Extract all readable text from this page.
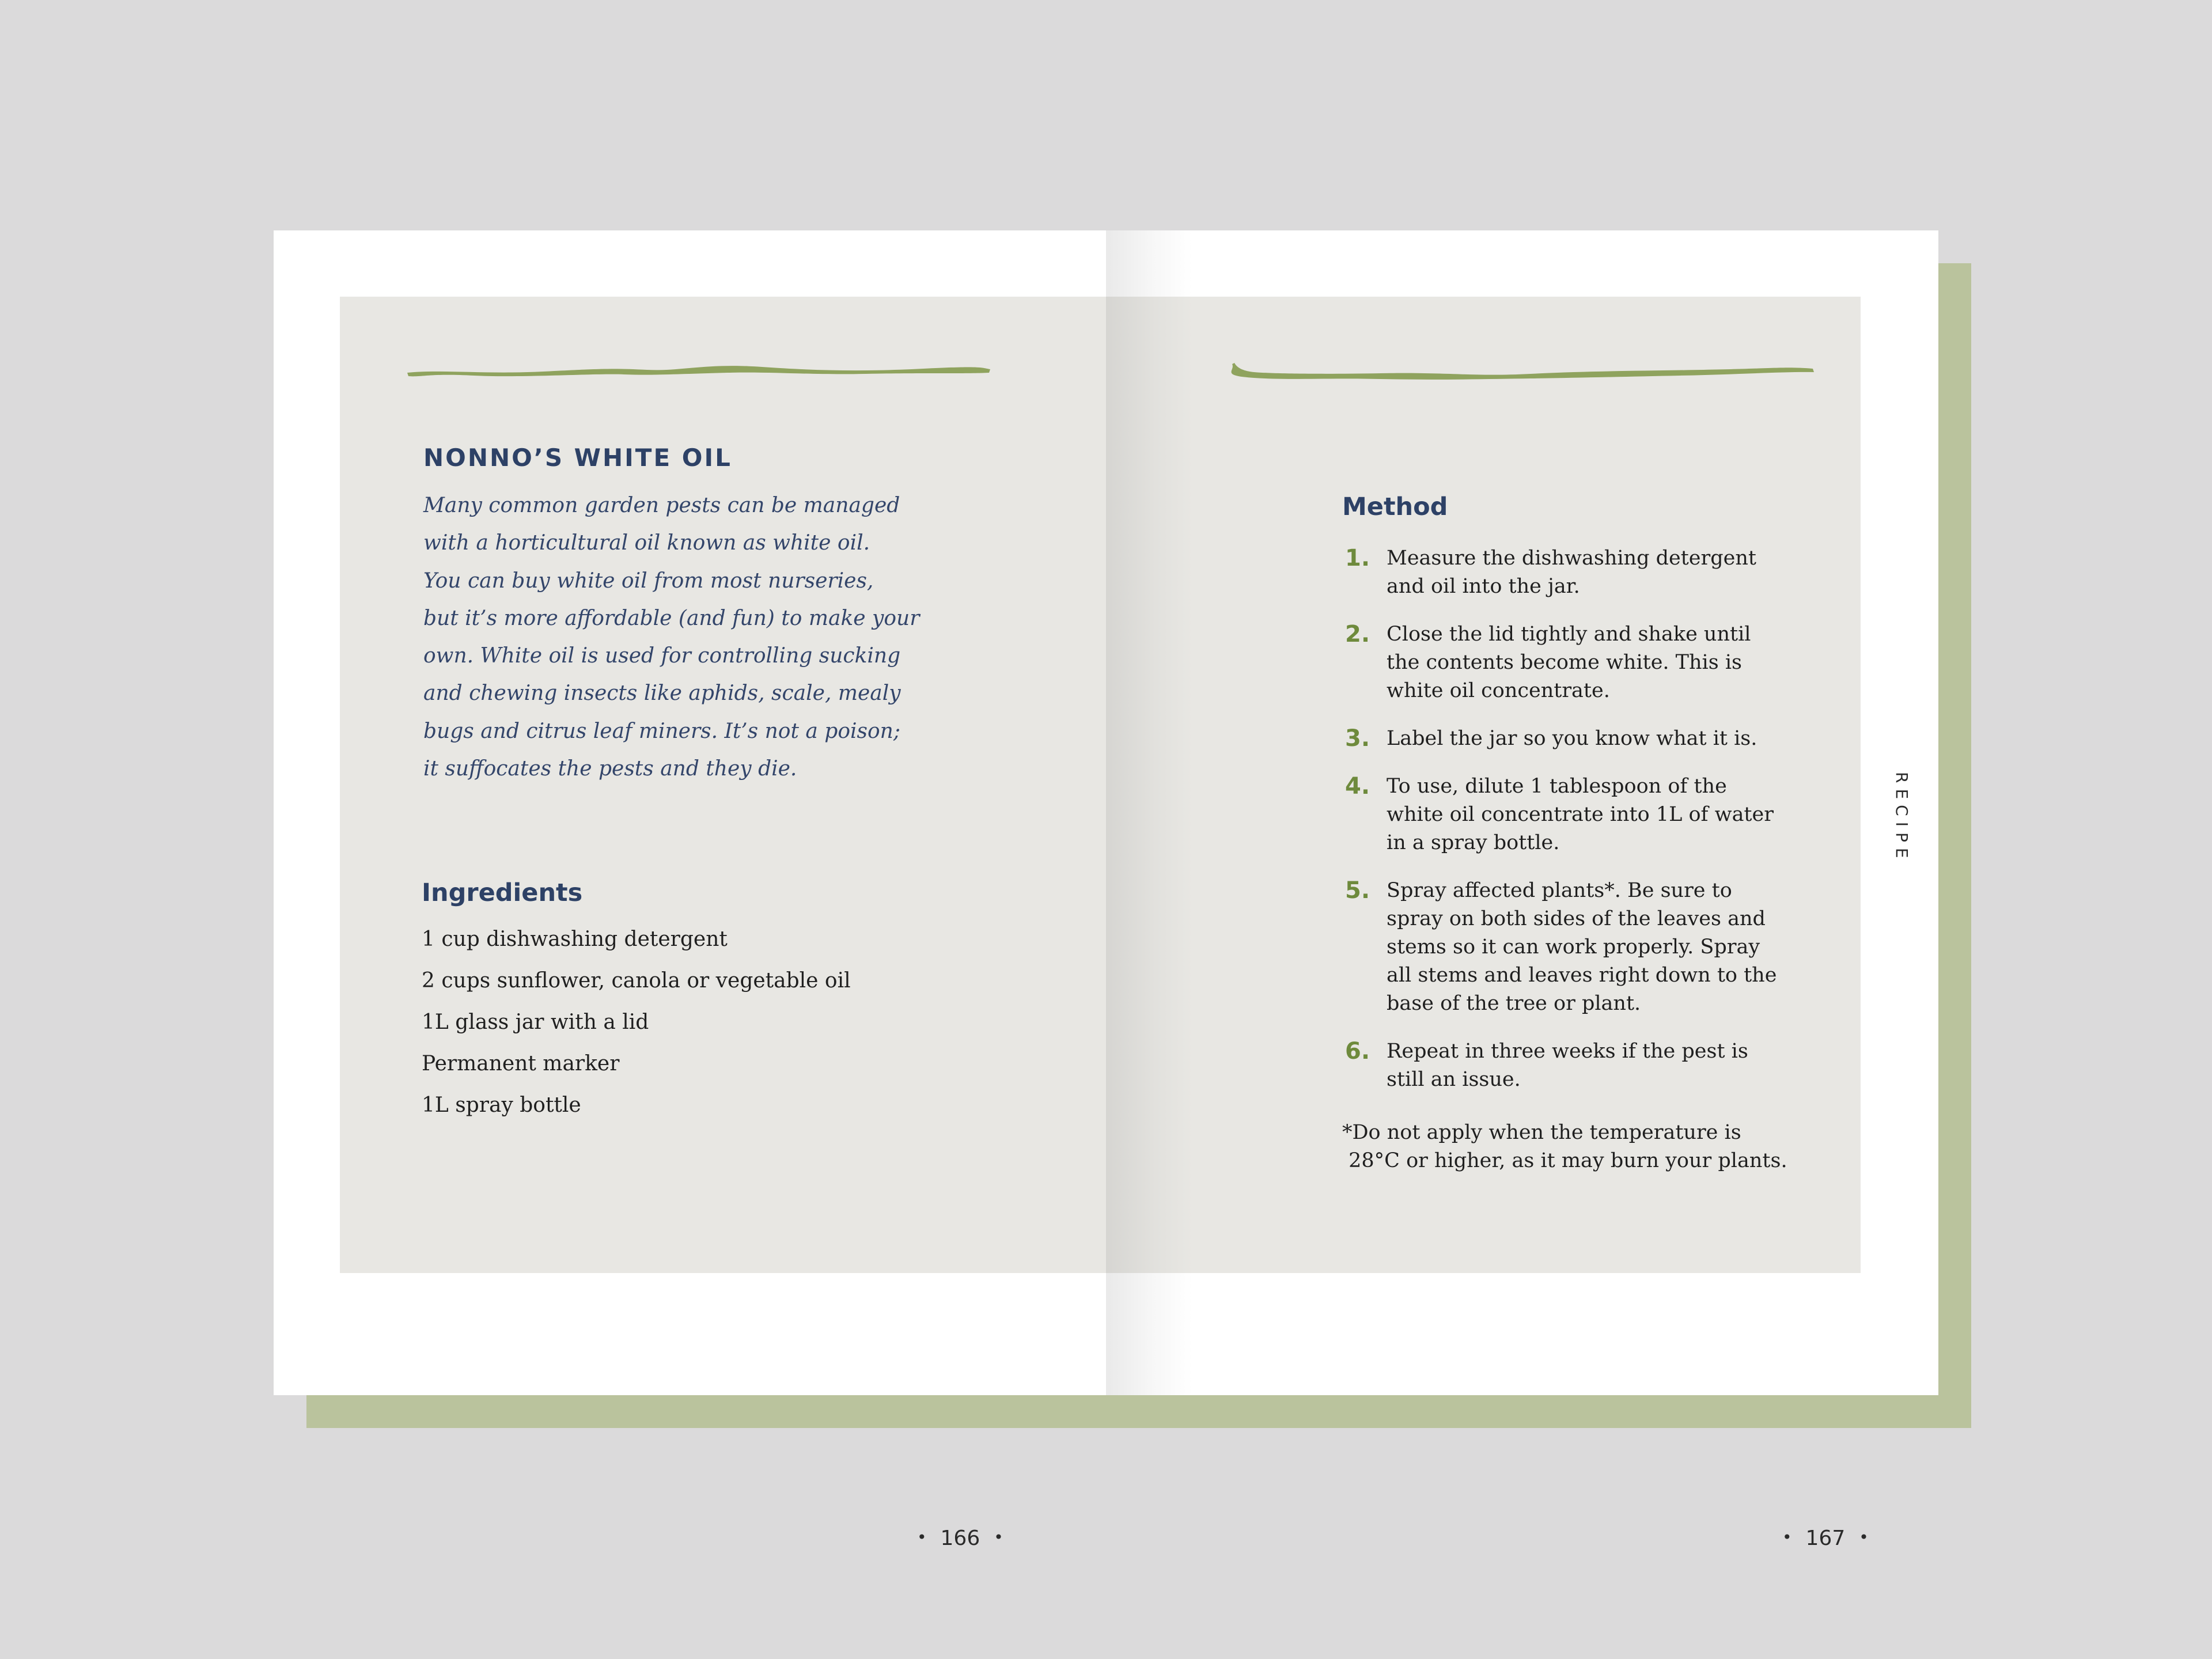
NONNO’S WHITE OIL
Many common garden pests can be managed
with a horticultural oil known as white oil.
You can buy white oil from most nurseries,
but it’s more affordable (and fun) to make your
own. White oil is used for controlling sucking
and chewing insects like aphids, scale, mealy
bugs and citrus leaf miners. It’s not a poison;
it suffocates the pests and they die.
Ingredients
1 cup dishwashing detergent
2 cups sunflower, canola or vegetable oil
1L glass jar with a lid
Permanent marker
1L spray bottle
• 166 •
Method
1. Measure the dishwashing detergent
and oil into the jar.
2. Close the lid tightly and shake until
the contents become white. This is
white oil concentrate.
3. Label the jar so you know what it is.
4. To use, dilute 1 tablespoon of the
white oil concentrate into 1L of water
in a spray bottle.
5. Spray affected plants*. Be sure to
spray on both sides of the leaves and
stems so it can work properly. Spray
all stems and leaves right down to the
base of the tree or plant.
6. Repeat in three weeks if the pest is
still an issue.
*Do not apply when the temperature is
28°C or higher, as it may burn your plants.
RECIPE
• 167 •
